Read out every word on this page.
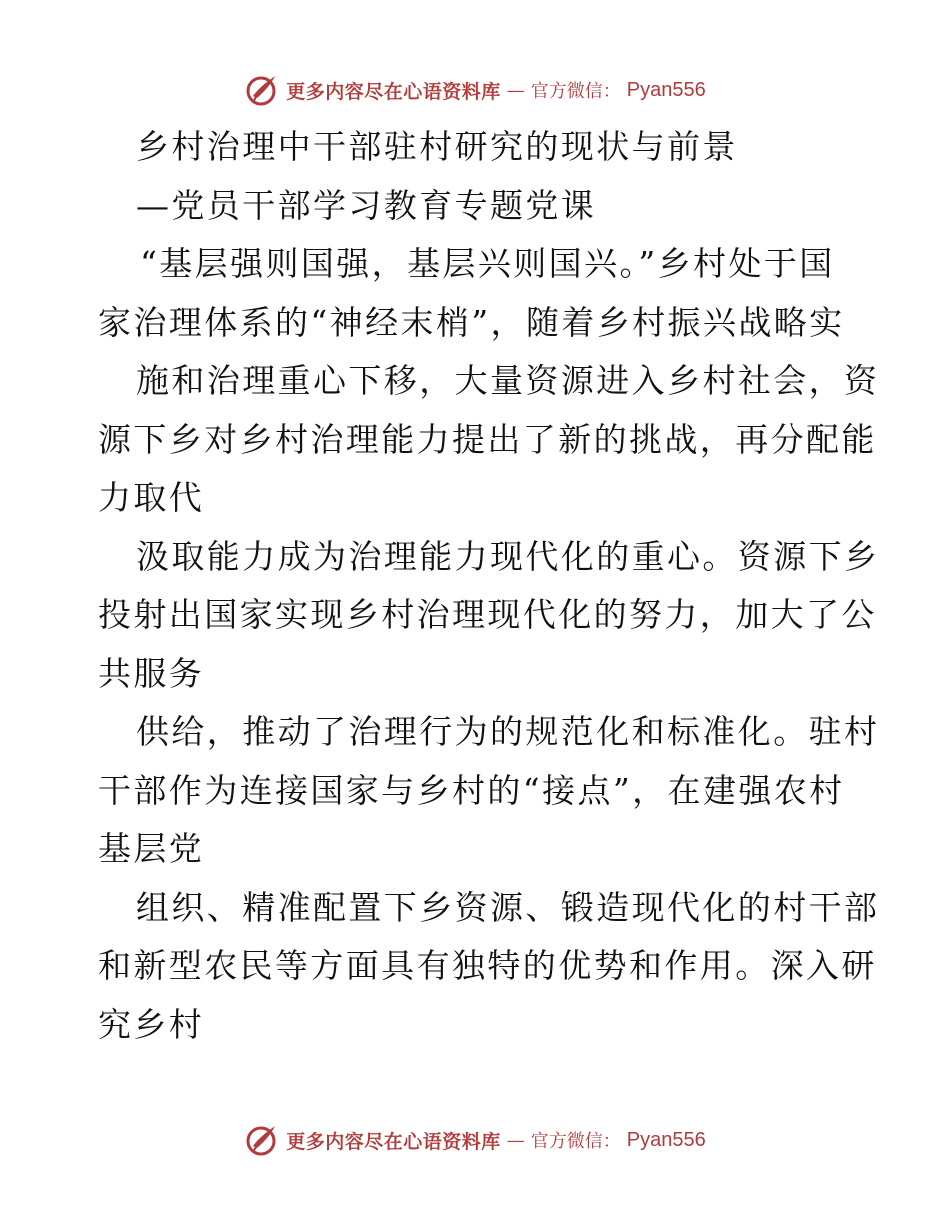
更多内容尽在心语资料库 — 官方微信： Pyan556
乡村治理中干部驻村研究的现状与前景
—党员干部学习教育专题党课
“基层强则国强，基层兴则国兴。”乡村处于国
家治理体系的“神经末梢”，随着乡村振兴战略实
施和治理重心下移，大量资源进入乡村社会，资
源下乡对乡村治理能力提出了新的挑战，再分配能
力取代
汲取能力成为治理能力现代化的重心。资源下乡
投射出国家实现乡村治理现代化的努力，加大了公
共服务
供给，推动了治理行为的规范化和标准化。驻村
干部作为连接国家与乡村的“接点”，在建强农村
基层党
组织、精准配置下乡资源、锻造现代化的村干部
和新型农民等方面具有独特的优势和作用。深入研
究乡村
更多内容尽在心语资料库 — 官方微信： Pyan556
